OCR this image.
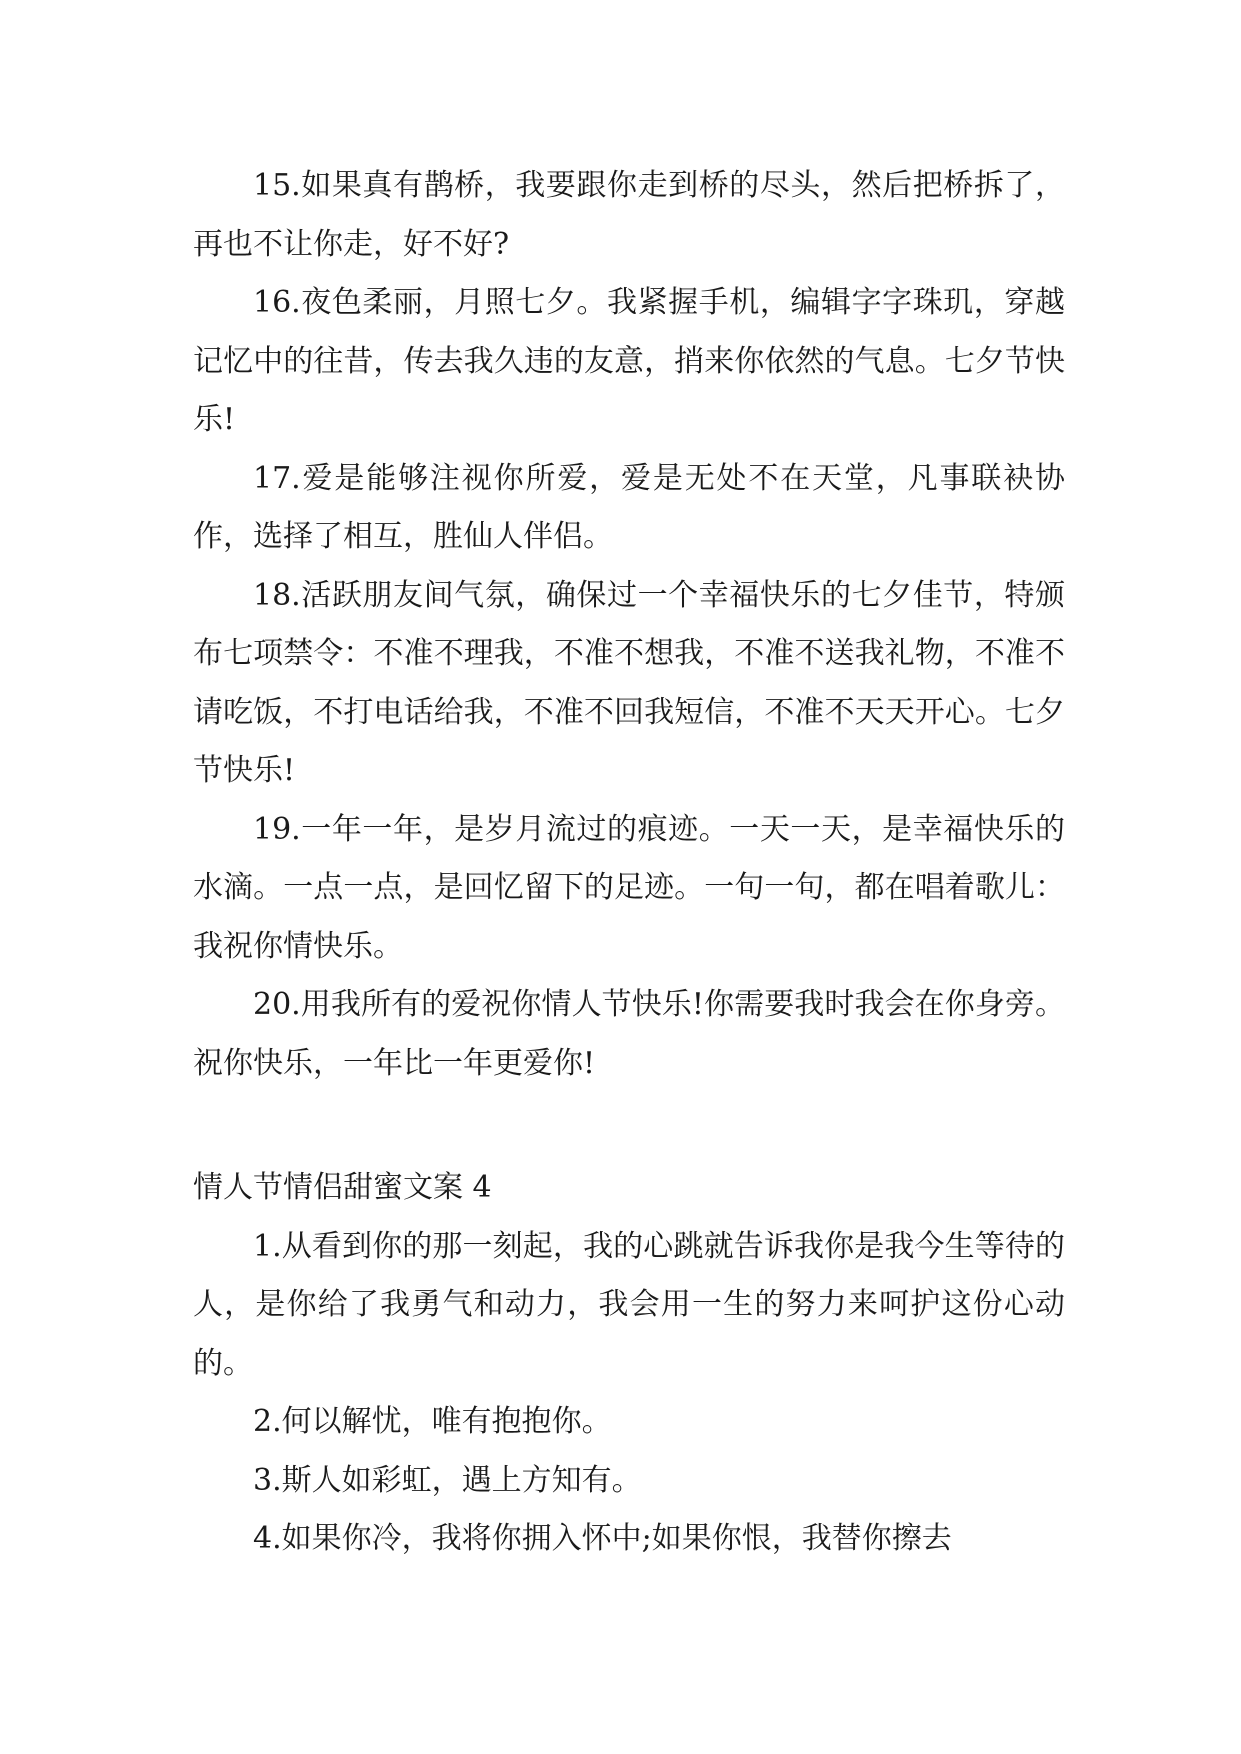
15.如果真有鹊桥，我要跟你走到桥的尽头，然后把桥拆了，再也不让你走，好不好?

16.夜色柔丽，月照七夕。我紧握手机，编辑字字珠玑，穿越记忆中的往昔，传去我久违的友意，捎来你依然的气息。七夕节快乐!

17.爱是能够注视你所爱，爱是无处不在天堂，凡事联袂协作，选择了相互，胜仙人伴侣。

18.活跃朋友间气氛，确保过一个幸福快乐的七夕佳节，特颁布七项禁令：不准不理我，不准不想我，不准不送我礼物，不准不请吃饭，不打电话给我，不准不回我短信，不准不天天开心。七夕节快乐!

19.一年一年，是岁月流过的痕迹。一天一天，是幸福快乐的水滴。一点一点，是回忆留下的足迹。一句一句，都在唱着歌儿：我祝你情快乐。

20.用我所有的爱祝你情人节快乐!你需要我时我会在你身旁。祝你快乐，一年比一年更爱你!

情人节情侣甜蜜文案 4

1.从看到你的那一刻起，我的心跳就告诉我你是我今生等待的人，是你给了我勇气和动力，我会用一生的努力来呵护这份心动的。

2.何以解忧，唯有抱抱你。

3.斯人如彩虹，遇上方知有。

4.如果你冷，我将你拥入怀中;如果你恨，我替你擦去
